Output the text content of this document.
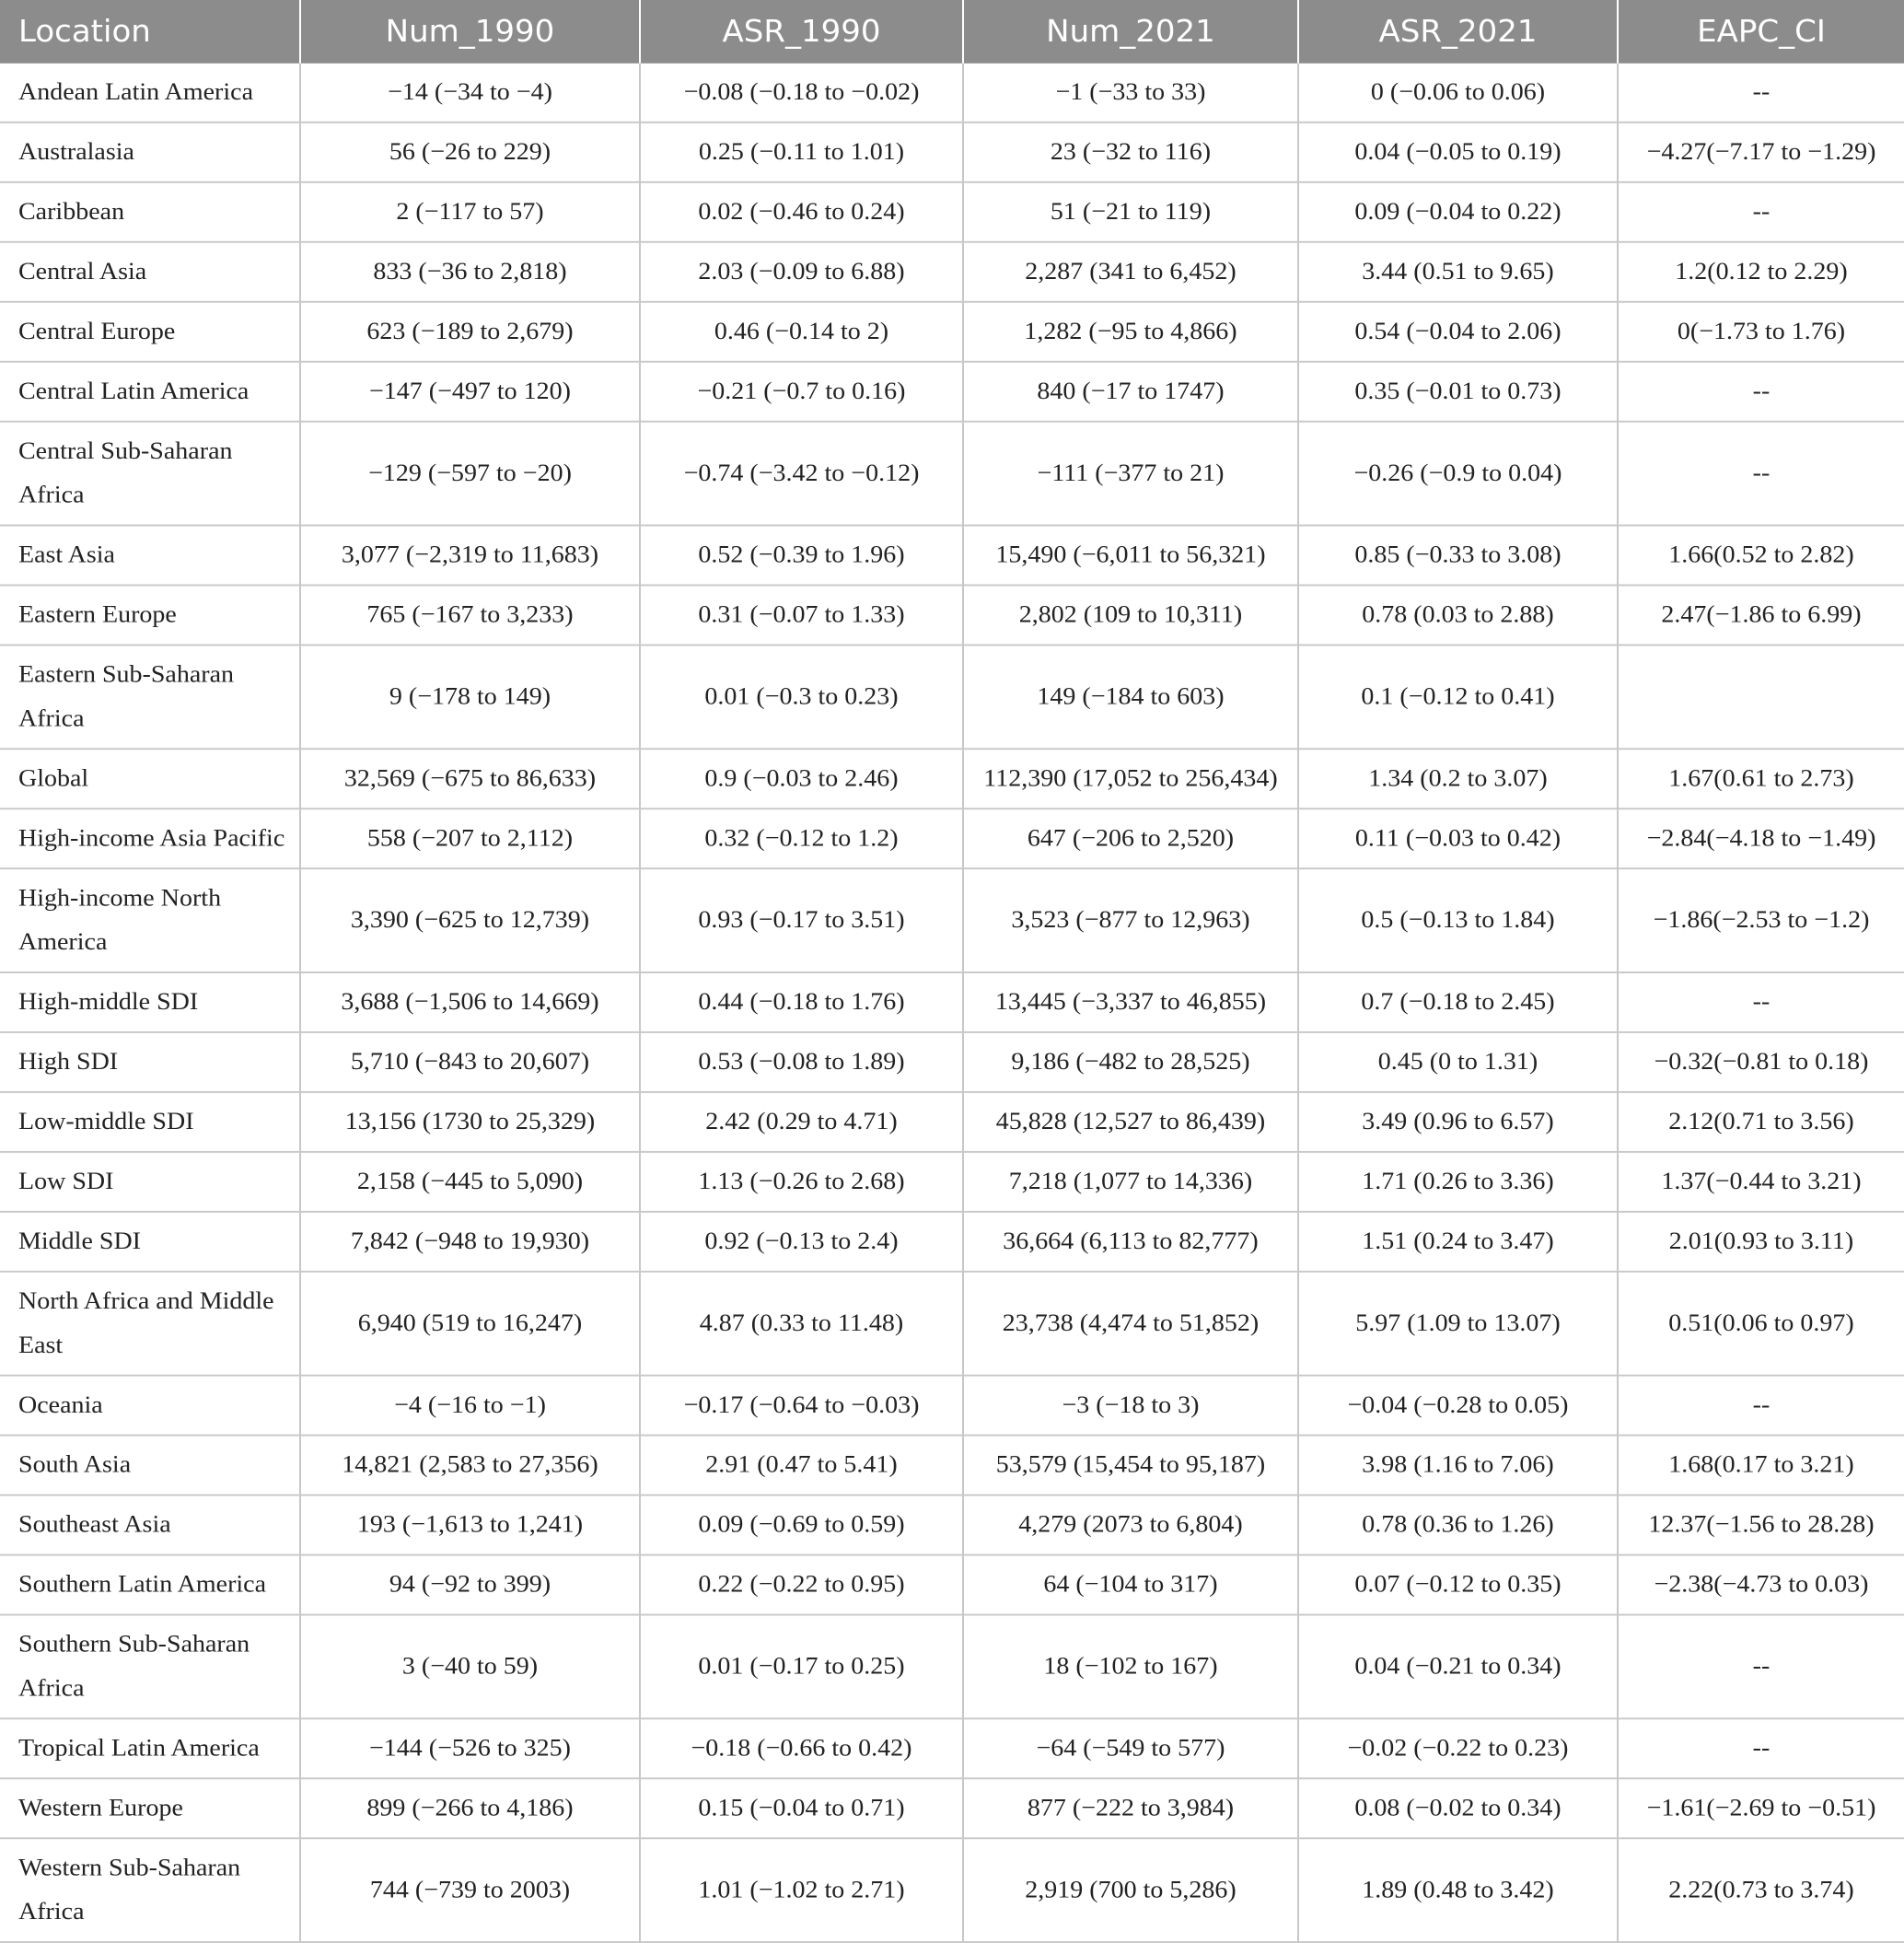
Location	Num_1990	ASR_1990	Num_2021	ASR_2021	EAPC_CI
Andean Latin America	−14 (−34 to −4)	−0.08 (−0.18 to −0.02)	−1 (−33 to 33)	0 (−0.06 to 0.06)	--
Australasia	56 (−26 to 229)	0.25 (−0.11 to 1.01)	23 (−32 to 116)	0.04 (−0.05 to 0.19)	−4.27(−7.17 to −1.29)
Caribbean	2 (−117 to 57)	0.02 (−0.46 to 0.24)	51 (−21 to 119)	0.09 (−0.04 to 0.22)	--
Central Asia	833 (−36 to 2,818)	2.03 (−0.09 to 6.88)	2,287 (341 to 6,452)	3.44 (0.51 to 9.65)	1.2(0.12 to 2.29)
Central Europe	623 (−189 to 2,679)	0.46 (−0.14 to 2)	1,282 (−95 to 4,866)	0.54 (−0.04 to 2.06)	0(−1.73 to 1.76)
Central Latin America	−147 (−497 to 120)	−0.21 (−0.7 to 0.16)	840 (−17 to 1747)	0.35 (−0.01 to 0.73)	--
Central Sub-Saharan Africa	−129 (−597 to −20)	−0.74 (−3.42 to −0.12)	−111 (−377 to 21)	−0.26 (−0.9 to 0.04)	--
East Asia	3,077 (−2,319 to 11,683)	0.52 (−0.39 to 1.96)	15,490 (−6,011 to 56,321)	0.85 (−0.33 to 3.08)	1.66(0.52 to 2.82)
Eastern Europe	765 (−167 to 3,233)	0.31 (−0.07 to 1.33)	2,802 (109 to 10,311)	0.78 (0.03 to 2.88)	2.47(−1.86 to 6.99)
Eastern Sub-Saharan Africa	9 (−178 to 149)	0.01 (−0.3 to 0.23)	149 (−184 to 603)	0.1 (−0.12 to 0.41)	
Global	32,569 (−675 to 86,633)	0.9 (−0.03 to 2.46)	112,390 (17,052 to 256,434)	1.34 (0.2 to 3.07)	1.67(0.61 to 2.73)
High-income Asia Pacific	558 (−207 to 2,112)	0.32 (−0.12 to 1.2)	647 (−206 to 2,520)	0.11 (−0.03 to 0.42)	−2.84(−4.18 to −1.49)
High-income North America	3,390 (−625 to 12,739)	0.93 (−0.17 to 3.51)	3,523 (−877 to 12,963)	0.5 (−0.13 to 1.84)	−1.86(−2.53 to −1.2)
High-middle SDI	3,688 (−1,506 to 14,669)	0.44 (−0.18 to 1.76)	13,445 (−3,337 to 46,855)	0.7 (−0.18 to 2.45)	--
High SDI	5,710 (−843 to 20,607)	0.53 (−0.08 to 1.89)	9,186 (−482 to 28,525)	0.45 (0 to 1.31)	−0.32(−0.81 to 0.18)
Low-middle SDI	13,156 (1730 to 25,329)	2.42 (0.29 to 4.71)	45,828 (12,527 to 86,439)	3.49 (0.96 to 6.57)	2.12(0.71 to 3.56)
Low SDI	2,158 (−445 to 5,090)	1.13 (−0.26 to 2.68)	7,218 (1,077 to 14,336)	1.71 (0.26 to 3.36)	1.37(−0.44 to 3.21)
Middle SDI	7,842 (−948 to 19,930)	0.92 (−0.13 to 2.4)	36,664 (6,113 to 82,777)	1.51 (0.24 to 3.47)	2.01(0.93 to 3.11)
North Africa and Middle East	6,940 (519 to 16,247)	4.87 (0.33 to 11.48)	23,738 (4,474 to 51,852)	5.97 (1.09 to 13.07)	0.51(0.06 to 0.97)
Oceania	−4 (−16 to −1)	−0.17 (−0.64 to −0.03)	−3 (−18 to 3)	−0.04 (−0.28 to 0.05)	--
South Asia	14,821 (2,583 to 27,356)	2.91 (0.47 to 5.41)	53,579 (15,454 to 95,187)	3.98 (1.16 to 7.06)	1.68(0.17 to 3.21)
Southeast Asia	193 (−1,613 to 1,241)	0.09 (−0.69 to 0.59)	4,279 (2073 to 6,804)	0.78 (0.36 to 1.26)	12.37(−1.56 to 28.28)
Southern Latin America	94 (−92 to 399)	0.22 (−0.22 to 0.95)	64 (−104 to 317)	0.07 (−0.12 to 0.35)	−2.38(−4.73 to 0.03)
Southern Sub-Saharan Africa	3 (−40 to 59)	0.01 (−0.17 to 0.25)	18 (−102 to 167)	0.04 (−0.21 to 0.34)	--
Tropical Latin America	−144 (−526 to 325)	−0.18 (−0.66 to 0.42)	−64 (−549 to 577)	−0.02 (−0.22 to 0.23)	--
Western Europe	899 (−266 to 4,186)	0.15 (−0.04 to 0.71)	877 (−222 to 3,984)	0.08 (−0.02 to 0.34)	−1.61(−2.69 to −0.51)
Western Sub-Saharan Africa	744 (−739 to 2003)	1.01 (−1.02 to 2.71)	2,919 (700 to 5,286)	1.89 (0.48 to 3.42)	2.22(0.73 to 3.74)
